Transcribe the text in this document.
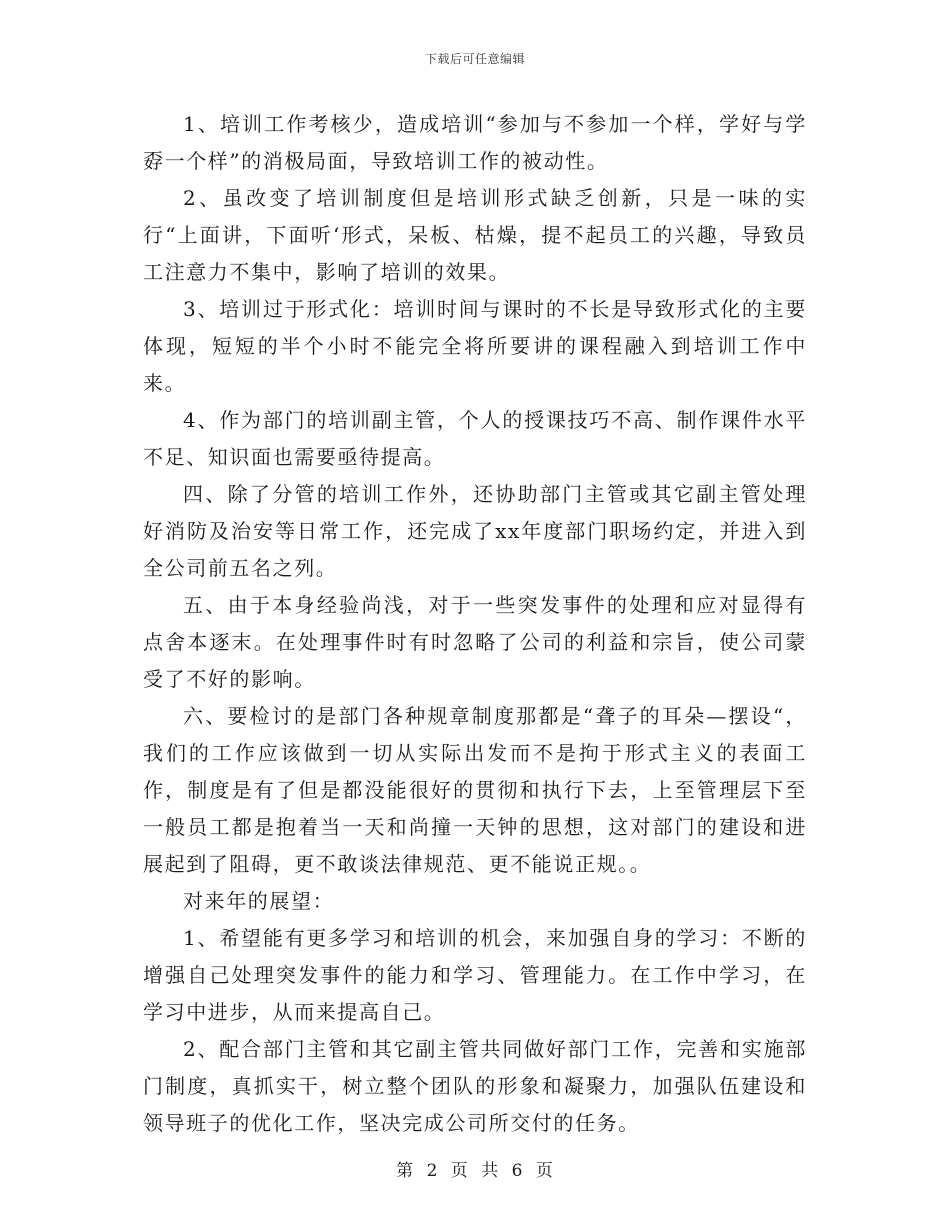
下载后可任意编辑

1、培训工作考核少，造成培训“参加与不参加一个样，学好与学孬一个样”的消极局面，导致培训工作的被动性。

2、虽改变了培训制度但是培训形式缺乏创新，只是一味的实行“上面讲，下面听‘形式，呆板、枯燥，提不起员工的兴趣，导致员工注意力不集中，影响了培训的效果。

3、培训过于形式化：培训时间与课时的不长是导致形式化的主要体现，短短的半个小时不能完全将所要讲的课程融入到培训工作中来。

4、作为部门的培训副主管，个人的授课技巧不高、制作课件水平不足、知识面也需要亟待提高。

四、除了分管的培训工作外，还协助部门主管或其它副主管处理好消防及治安等日常工作，还完成了xx年度部门职场约定，并进入到全公司前五名之列。

五、由于本身经验尚浅，对于一些突发事件的处理和应对显得有点舍本逐末。在处理事件时有时忽略了公司的利益和宗旨，使公司蒙受了不好的影响。

六、要检讨的是部门各种规章制度那都是“聋子的耳朵—摆设“，我们的工作应该做到一切从实际出发而不是拘于形式主义的表面工作，制度是有了但是都没能很好的贯彻和执行下去，上至管理层下至一般员工都是抱着当一天和尚撞一天钟的思想，这对部门的建设和进展起到了阻碍，更不敢谈法律规范、更不能说正规。。

对来年的展望：

1、希望能有更多学习和培训的机会，来加强自身的学习：不断的增强自己处理突发事件的能力和学习、管理能力。在工作中学习，在学习中进步，从而来提高自己。

2、配合部门主管和其它副主管共同做好部门工作，完善和实施部门制度，真抓实干，树立整个团队的形象和凝聚力，加强队伍建设和领导班子的优化工作，坚决完成公司所交付的任务。

第 2 页 共 6 页
